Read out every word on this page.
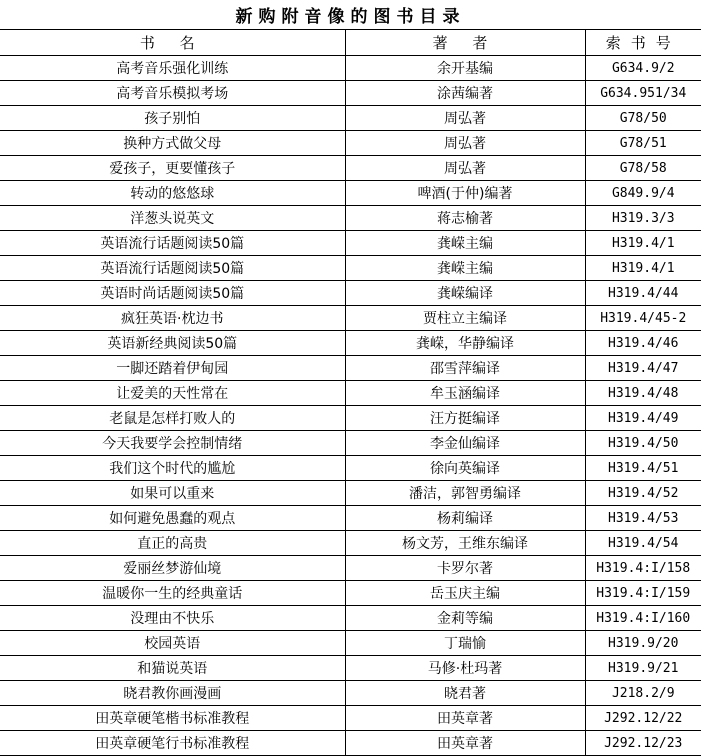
新购附音像的图书目录
书 名	著 者	索书号
高考音乐强化训练	余开基编	G634.9/2
高考音乐模拟考场	涂茜编著	G634.951/34
孩子别怕	周弘著	G78/50
换种方式做父母	周弘著	G78/51
爱孩子，更要懂孩子	周弘著	G78/58
转动的悠悠球	啤酒(于仲)编著	G849.9/4
洋葱头说英文	蒋志榆著	H319.3/3
英语流行话题阅读50篇	龚嵘主编	H319.4/1
英语流行话题阅读50篇	龚嵘主编	H319.4/1
英语时尚话题阅读50篇	龚嵘编译	H319.4/44
疯狂英语·枕边书	贾柱立主编译	H319.4/45-2
英语新经典阅读50篇	龚嵘，华静编译	H319.4/46
一脚还踏着伊甸园	邵雪萍编译	H319.4/47
让爱美的天性常在	牟玉涵编译	H319.4/48
老鼠是怎样打败人的	汪方挺编译	H319.4/49
今天我要学会控制情绪	李金仙编译	H319.4/50
我们这个时代的尴尬	徐向英编译	H319.4/51
如果可以重来	潘洁，郭智勇编译	H319.4/52
如何避免愚蠢的观点	杨莉编译	H319.4/53
直正的高贵	杨文芳，王维东编译	H319.4/54
爱丽丝梦游仙境	卡罗尔著	H319.4:I/158
温暖你一生的经典童话	岳玉庆主编	H319.4:I/159
没理由不快乐	金莉等编	H319.4:I/160
校园英语	丁瑞愉	H319.9/20
和猫说英语	马修·杜玛著	H319.9/21
晓君教你画漫画	晓君著	J218.2/9
田英章硬笔楷书标准教程	田英章著	J292.12/22
田英章硬笔行书标准教程	田英章著	J292.12/23
